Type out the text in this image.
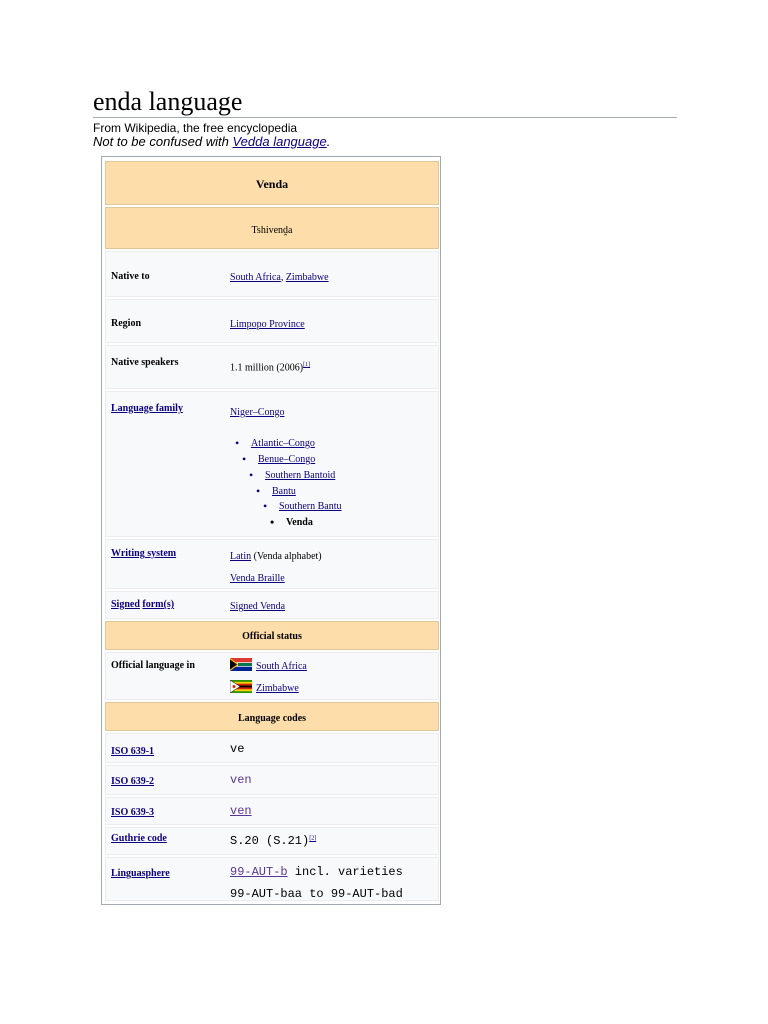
enda language
From Wikipedia, the free encyclopedia
Not to be confused with Vedda language.
Venda
Tshivenḓa
Native to	South Africa, Zimbabwe
Region	Limpopo Province
Native speakers	1.1 million (2006)[1]
Language family	Niger–Congo
• Atlantic–Congo
• Benue–Congo
• Southern Bantoid
• Bantu
• Southern Bantu
• Venda
Writing system	Latin (Venda alphabet)
Venda Braille
Signed form(s)	Signed Venda
Official status
Official language in	South Africa
Zimbabwe
Language codes
ISO 639-1	ve
ISO 639-2	ven
ISO 639-3	ven
Guthrie code	S.20 (S.21)[2]
Linguasphere	99-AUT-b incl. varieties
99-AUT-baa to 99-AUT-bad
